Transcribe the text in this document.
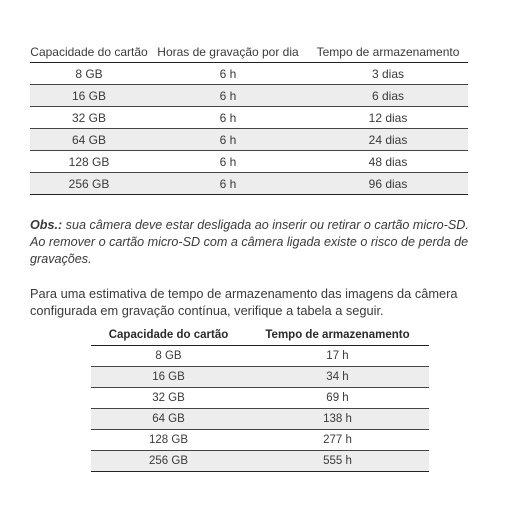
Capacidade do cartão	Horas de gravação por dia	Tempo de armazenamento
8 GB	6 h	3 dias
16 GB	6 h	6 dias
32 GB	6 h	12 dias
64 GB	6 h	24 dias
128 GB	6 h	48 dias
256 GB	6 h	96 dias

Obs.: sua câmera deve estar desligada ao inserir ou retirar o cartão micro-SD. Ao remover o cartão micro-SD com a câmera ligada existe o risco de perda de gravações.

Para uma estimativa de tempo de armazenamento das imagens da câmera configurada em gravação contínua, verifique a tabela a seguir.

Capacidade do cartão	Tempo de armazenamento
8 GB	17 h
16 GB	34 h
32 GB	69 h
64 GB	138 h
128 GB	277 h
256 GB	555 h
